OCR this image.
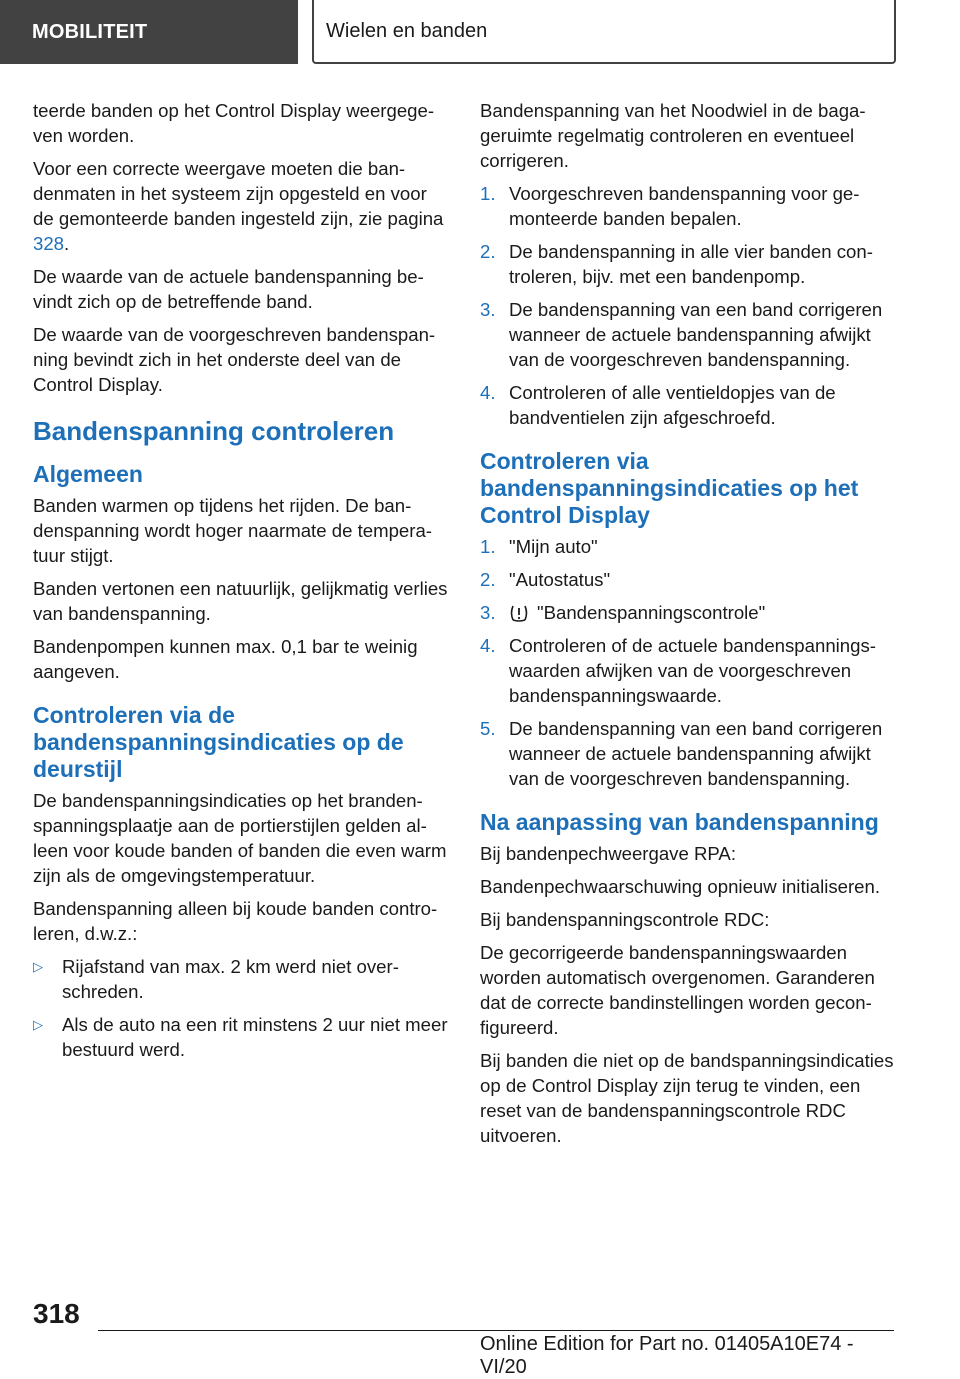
MOBILITEIT	Wielen en banden

teerde banden op het Control Display weergegeven worden.

Voor een correcte weergave moeten die bandenmaten in het systeem zijn opgesteld en voor de gemonteerde banden ingesteld zijn, zie pagina 328.

De waarde van de actuele bandenspanning bevindt zich op de betreffende band.

De waarde van de voorgeschreven bandenspanning bevindt zich in het onderste deel van de Control Display.

Bandenspanning controleren
Algemeen

Banden warmen op tijdens het rijden. De bandenspanning wordt hoger naarmate de temperatuur stijgt.

Banden vertonen een natuurlijk, gelijkmatig verlies van bandenspanning.

Bandenpompen kunnen max. 0,1 bar te weinig aangeven.

Controleren via de bandenspanningsindicaties op de deurstijl

De bandenspanningsindicaties op het brandenspanningsplaatje aan de portierstijlen gelden alleen voor koude banden of banden die even warm zijn als de omgevingstemperatuur.

Bandenspanning alleen bij koude banden controleren, d.w.z.:

▷ Rijafstand van max. 2 km werd niet overschreden.
▷ Als de auto na een rit minstens 2 uur niet meer bestuurd werd.

Bandenspanning van het Noodwiel in de bagageruimte regelmatig controleren en eventueel corrigeren.

1. Voorgeschreven bandenspanning voor gemonteerde banden bepalen.
2. De bandenspanning in alle vier banden controleren, bijv. met een bandenpomp.
3. De bandenspanning van een band corrigeren wanneer de actuele bandenspanning afwijkt van de voorgeschreven bandenspanning.
4. Controleren of alle ventieldopjes van de bandventielen zijn afgeschroefd.
Controleren via bandenspanningsindicaties op het Control Display
1. "Mijn auto"
2. "Autostatus"
3. "Bandenspanningscontrole"
4. Controleren of de actuele bandenspanningswaarden afwijken van de voorgeschreven bandenspanningswaarde.
5. De bandenspanning van een band corrigeren wanneer de actuele bandenspanning afwijkt van de voorgeschreven bandenspanning.
Na aanpassing van bandenspanning

Bij bandenpechweergave RPA:

Bandenpechwaarschuwing opnieuw initialiseren.

Bij bandenspanningscontrole RDC:

De gecorrigeerde bandenspanningswaarden worden automatisch overgenomen. Garanderen dat de correcte bandinstellingen worden geconfigureerd.

Bij banden die niet op de bandspanningsindicaties op de Control Display zijn terug te vinden, een reset van de bandenspanningscontrole RDC uitvoeren.

318
Online Edition for Part no. 01405A10E74 - VI/20
